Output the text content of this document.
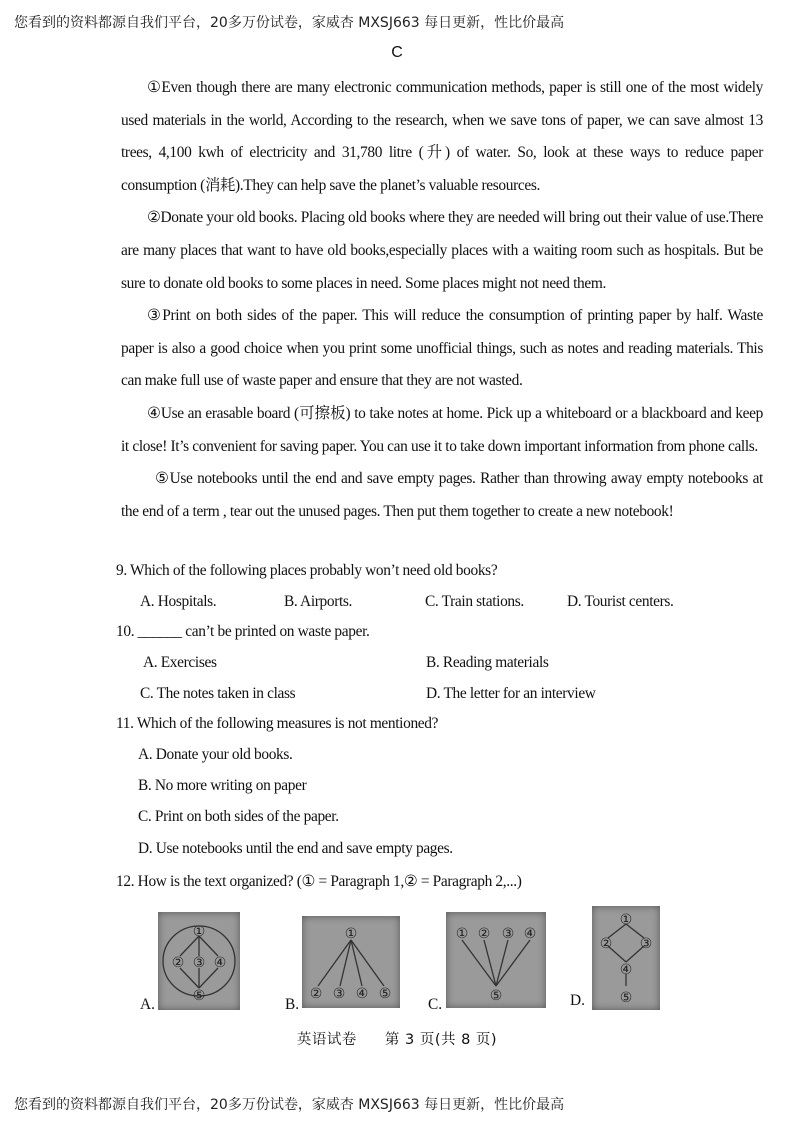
您看到的资料都源自我们平台，20多万份试卷，家威杏 MXSJ663 每日更新，性比价最高
C

①Even though there are many electronic communication methods, paper is still one of the most widely used materials in the world, According to the research, when we save tons of paper, we can save almost 13 trees, 4,100 kwh of electricity and 31,780 litre (升) of water. So, look at these ways to reduce paper consumption (消耗).They can help save the planet’s valuable resources.

②Donate your old books. Placing old books where they are needed will bring out their value of use.There are many places that want to have old books,especially places with a waiting room such as hospitals. But be sure to donate old books to some places in need. Some places might not need them.

③Print on both sides of the paper. This will reduce the consumption of printing paper by half. Waste paper is also a good choice when you print some unofficial things, such as notes and reading materials. This can make full use of waste paper and ensure that they are not wasted.

④Use an erasable board (可擦板) to take notes at home. Pick up a whiteboard or a blackboard and keep it close! It’s convenient for saving paper. You can use it to take down important information from phone calls.

⑤Use notebooks until the end and save empty pages. Rather than throwing away empty notebooks at the end of a term , tear out the unused pages. Then put them together to create a new notebook!

9. Which of the following places probably won’t need old books?
A. Hospitals.	B. Airports.	C. Train stations.	D. Tourist centers.
10. ______ can’t be printed on waste paper.
A. Exercises	B. Reading materials
C. The notes taken in class	D. The letter for an interview
11. Which of the following measures is not mentioned?
A. Donate your old books.
B. No more writing on paper
C. Print on both sides of the paper.
D. Use notebooks until the end and save empty pages.
12. How is the text organized? (① = Paragraph 1,② = Paragraph 2,...)
A.
①
② ③ ④
⑤	B.
①
② ③ ④ ⑤
C.
① ② ③ ④
⑤	D.
①
② ③
④
⑤
英语试卷 第 3 页(共 8 页)
您看到的资料都源自我们平台，20多万份试卷，家威杏 MXSJ663 每日更新，性比价最高
